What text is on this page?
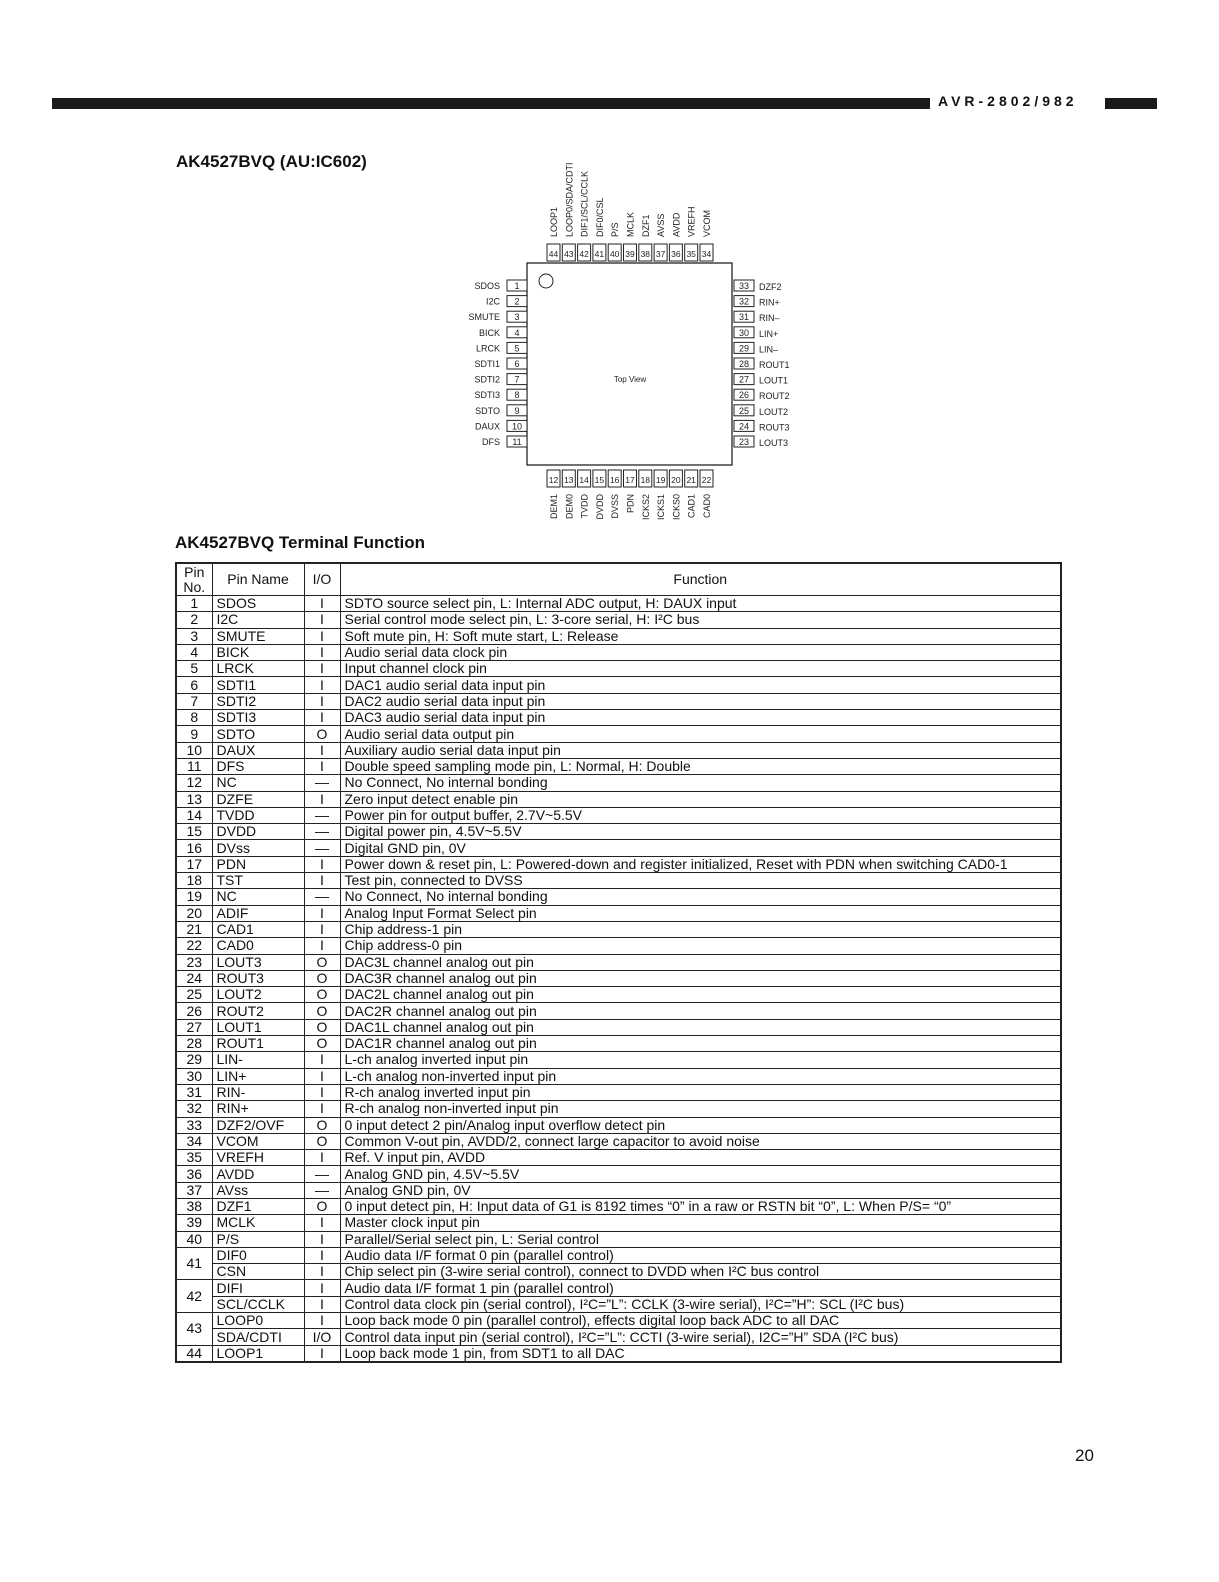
AVR-2802/982
AK4527BVQ (AU:IC602)
Top View
1
SDOS
2
I2C
3
SMUTE
4
BICK
5
LRCK
6
SDTI1
7
SDTI2
8
SDTI3
9
SDTO
10
DAUX
11
DFS
33 DZF2
32 RIN+
31 RIN–
30 LIN+
29 LIN–
28 ROUT1
27 LOUT1
26 ROUT2
25 LOUT2
24 ROUT3
23 LOUT3
44
LOOP1
43
LOOP0/SDA/CDTI
42
DIF1/SCL/CCLK
41
DIF0/CSL
40
P/S
39
MCLK
38
DZF1
37
AVSS
36
AVDD
35
VREFH
34
VCOM
12
DEM1
13
DEM0
14
TVDD
15
DVDD
16
DVSS
17
PDN
18
ICKS2
19
ICKS1
20
ICKS0
21
CAD1
22
CAD0
AK4527BVQ Terminal Function
Pin No.	Pin Name	I/O	Function
1	SDOS	I	SDTO source select pin, L: Internal ADC output, H: DAUX input
2	I2C	I	Serial control mode select pin, L: 3-core serial, H: I²C bus
3	SMUTE	I	Soft mute pin, H: Soft mute start, L: Release
4	BICK	I	Audio serial data clock pin
5	LRCK	I	Input channel clock pin
6	SDTI1	I	DAC1 audio serial data input pin
7	SDTI2	I	DAC2 audio serial data input pin
8	SDTI3	I	DAC3 audio serial data input pin
9	SDTO	O	Audio serial data output pin
10	DAUX	I	Auxiliary audio serial data input pin
11	DFS	I	Double speed sampling mode pin, L: Normal, H: Double
12	NC	—	No Connect, No internal bonding
13	DZFE	I	Zero input detect enable pin
14	TVDD	—	Power pin for output buffer, 2.7V~5.5V
15	DVDD	—	Digital power pin, 4.5V~5.5V
16	DVss	—	Digital GND pin, 0V
17	PDN	I	Power down & reset pin, L: Powered-down and register initialized, Reset with PDN when switching CAD0-1
18	TST	I	Test pin, connected to DVSS
19	NC	—	No Connect, No internal bonding
20	ADIF	I	Analog Input Format Select pin
21	CAD1	I	Chip address-1 pin
22	CAD0	I	Chip address-0 pin
23	LOUT3	O	DAC3L channel analog out pin
24	ROUT3	O	DAC3R channel analog out pin
25	LOUT2	O	DAC2L channel analog out pin
26	ROUT2	O	DAC2R channel analog out pin
27	LOUT1	O	DAC1L channel analog out pin
28	ROUT1	O	DAC1R channel analog out pin
29	LIN-	I	L-ch analog inverted input pin
30	LIN+	I	L-ch analog non-inverted input pin
31	RIN-	I	R-ch analog inverted input pin
32	RIN+	I	R-ch analog non-inverted input pin
33	DZF2/OVF	O	0 input detect 2 pin/Analog input overflow detect pin
34	VCOM	O	Common V-out pin, AVDD/2, connect large capacitor to avoid noise
35	VREFH	I	Ref. V input pin, AVDD
36	AVDD	—	Analog GND pin, 4.5V~5.5V
37	AVss	—	Analog GND pin, 0V
38	DZF1	O	0 input detect pin, H: Input data of G1 is 8192 times “0” in a raw or RSTN bit “0”, L: When P/S= “0”
39	MCLK	I	Master clock input pin
40	P/S	I	Parallel/Serial select pin, L: Serial control
41	DIF0	I	Audio data I/F format 0 pin (parallel control)
	CSN	I	Chip select pin (3-wire serial control), connect to DVDD when I²C bus control
42	DIFI	I	Audio data I/F format 1 pin (parallel control)
	SCL/CCLK	I	Control data clock pin (serial control), I²C=”L”: CCLK (3-wire serial), I²C=”H”: SCL (I²C bus)
43	LOOP0	I	Loop back mode 0 pin (parallel control), effects digital loop back ADC to all DAC
	SDA/CDTI	I/O	Control data input pin (serial control), I²C=”L”: CCTI (3-wire serial), I2C=”H” SDA (I²C bus)
44	LOOP1	I	Loop back mode 1 pin, from SDT1 to all DAC
20
